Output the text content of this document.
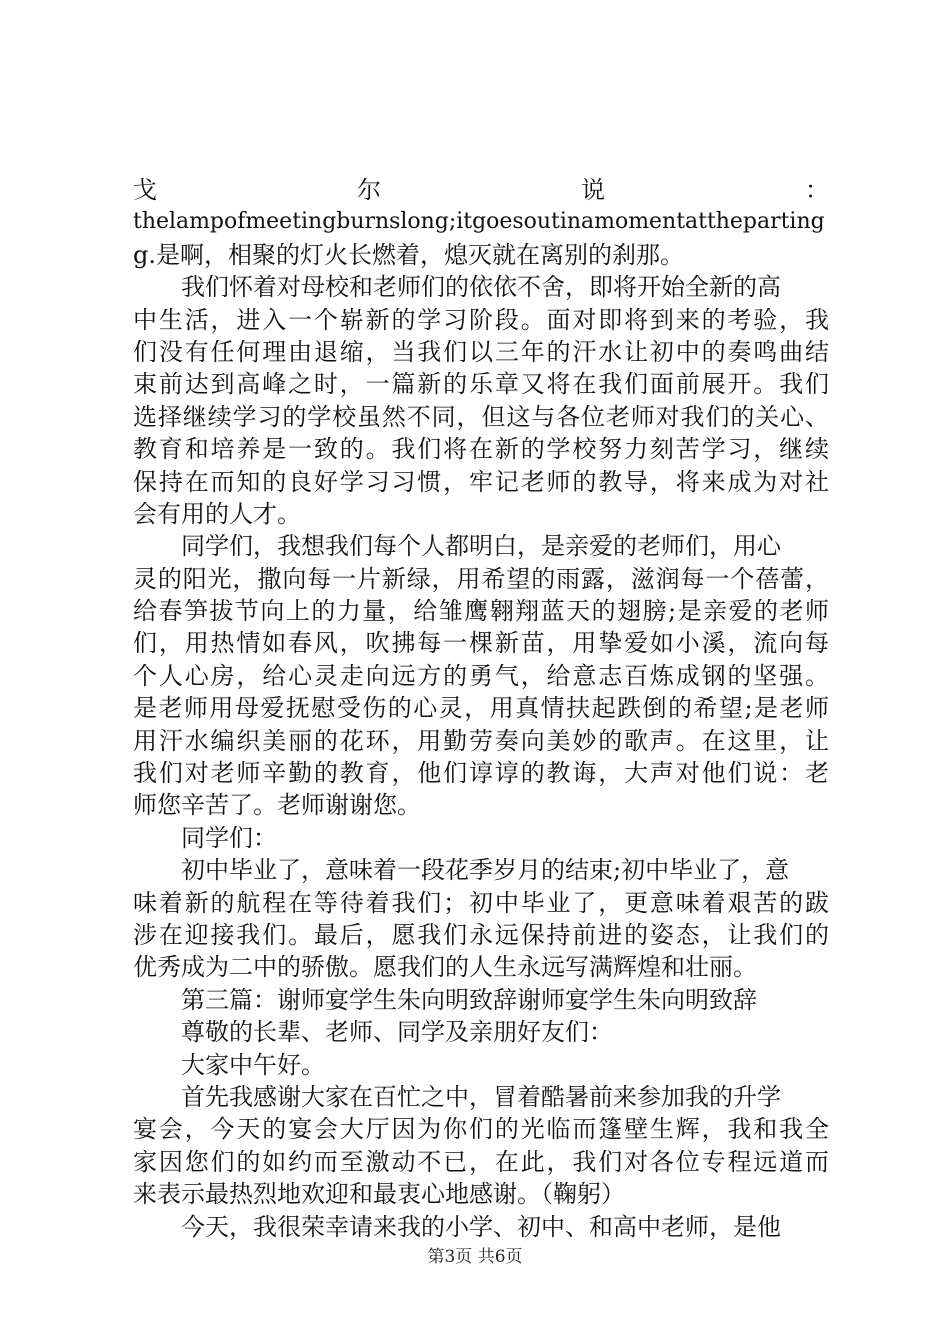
戈	尔	说	：
thelampofmeetingburnslong;itgoesoutinamomentattheparting
g.是啊，相聚的灯火长燃着，熄灭就在离别的刹那。
我们怀着对母校和老师们的依依不舍，即将开始全新的高
中生活，进入一个崭新的学习阶段。面对即将到来的考验，我
们没有任何理由退缩，当我们以三年的汗水让初中的奏鸣曲结
束前达到高峰之时，一篇新的乐章又将在我们面前展开。我们
选择继续学习的学校虽然不同，但这与各位老师对我们的关心、
教育和培养是一致的。我们将在新的学校努力刻苦学习，继续
保持在而知的良好学习习惯，牢记老师的教导，将来成为对社
会有用的人才。
同学们，我想我们每个人都明白，是亲爱的老师们，用心
灵的阳光，撒向每一片新绿，用希望的雨露，滋润每一个蓓蕾，
给春笋拔节向上的力量，给雏鹰翱翔蓝天的翅膀;是亲爱的老师
们，用热情如春风，吹拂每一棵新苗，用挚爱如小溪，流向每
个人心房，给心灵走向远方的勇气，给意志百炼成钢的坚强。
是老师用母爱抚慰受伤的心灵，用真情扶起跌倒的希望;是老师
用汗水编织美丽的花环，用勤劳奏向美妙的歌声。在这里，让
我们对老师辛勤的教育，他们谆谆的教诲，大声对他们说：老
师您辛苦了。老师谢谢您。
同学们：
初中毕业了，意味着一段花季岁月的结束;初中毕业了，意
味着新的航程在等待着我们；初中毕业了，更意味着艰苦的跋
涉在迎接我们。最后，愿我们永远保持前进的姿态，让我们的
优秀成为二中的骄傲。愿我们的人生永远写满辉煌和壮丽。
第三篇：谢师宴学生朱向明致辞谢师宴学生朱向明致辞
尊敬的长辈、老师、同学及亲朋好友们：
大家中午好。
首先我感谢大家在百忙之中，冒着酷暑前来参加我的升学
宴会，今天的宴会大厅因为你们的光临而篷壁生辉，我和我全
家因您们的如约而至激动不已，在此，我们对各位专程远道而
来表示最热烈地欢迎和最衷心地感谢。（鞠躬）
今天，我很荣幸请来我的小学、初中、和高中老师，是他
第3页 共6页
